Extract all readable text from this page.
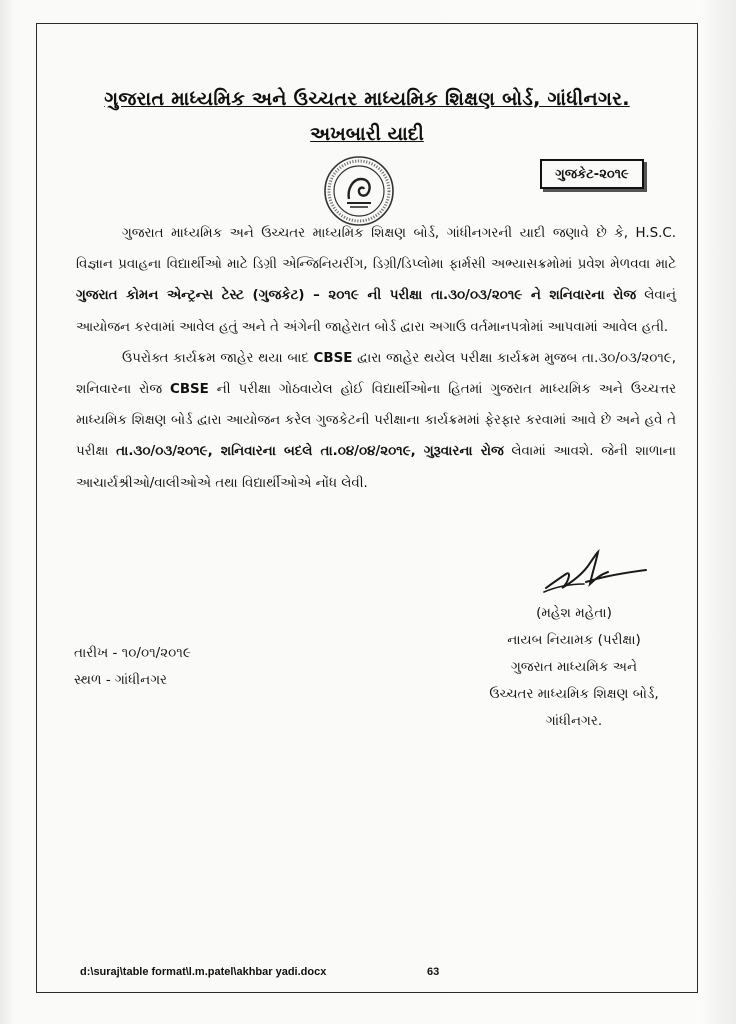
ગુજરાત માધ્યમિક અને ઉચ્ચતર માધ્યમિક શિક્ષણ બોર્ડ, ગાંધીનગર.
અખબારી યાદી
ગુજકેટ-૨૦૧૯

ગુજરાત માધ્યમિક અને ઉચ્ચતર માધ્યમિક શિક્ષણ બોર્ડ, ગાંધીનગરની યાદી જણાવે છે કે, H.S.C. વિજ્ઞાન પ્રવાહના વિદ્યાર્થીઓ માટે ડિગ્રી એન્જિનિયરીંગ, ડિગ્રી/ડિપ્લોમા ફાર્મસી અભ્યાસક્રમોમાં પ્રવેશ મેળવવા માટે ગુજરાત કોમન એન્ટ્રન્સ ટેસ્ટ (ગુજકેટ) – ૨૦૧૯ ની પરીક્ષા તા.૩૦/૦૩/૨૦૧૯ ને શનિવારના રોજ લેવાનું આયોજન કરવામાં આવેલ હતું અને તે અંગેની જાહેરાત બોર્ડ દ્વારા અગાઉ વર્તમાનપત્રોમાં આપવામાં આવેલ હતી.

ઉપરોક્ત કાર્યક્રમ જાહેર થયા બાદ CBSE દ્વારા જાહેર થયેલ પરીક્ષા કાર્યક્રમ મુજબ તા.૩૦/૦૩/૨૦૧૯, શનિવારના રોજ CBSE ની પરીક્ષા ગોઠવાયેલ હોઈ વિદ્યાર્થીઓના હિતમાં ગુજરાત માધ્યમિક અને ઉચ્ચત્તર માધ્યમિક શિક્ષણ બોર્ડ દ્વારા આયોજન કરેલ ગુજકેટની પરીક્ષાના કાર્યક્રમમાં ફેરફાર કરવામાં આવે છે અને હવે તે પરીક્ષા તા.૩૦/૦૩/૨૦૧૯, શનિવારના બદલે તા.૦૪/૦૪/૨૦૧૯, ગુરૂવારના રોજ લેવામાં આવશે. જેની શાળાના આચાર્યશ્રીઓ/વાલીઓએ તથા વિદ્યાર્થીઓએ નોંધ લેવી.

(મહેશ મહેતા)
નાયબ નિયામક (પરીક્ષા)
ગુજરાત માધ્યમિક અને
ઉચ્ચતર માધ્યમિક શિક્ષણ બોર્ડ,
ગાંધીનગર.
તારીખ - ૧૦/૦૧/૨૦૧૯
સ્થળ - ગાંધીનગર
d:\suraj\table format\l.m.patel\akhbar yadi.docx	63
